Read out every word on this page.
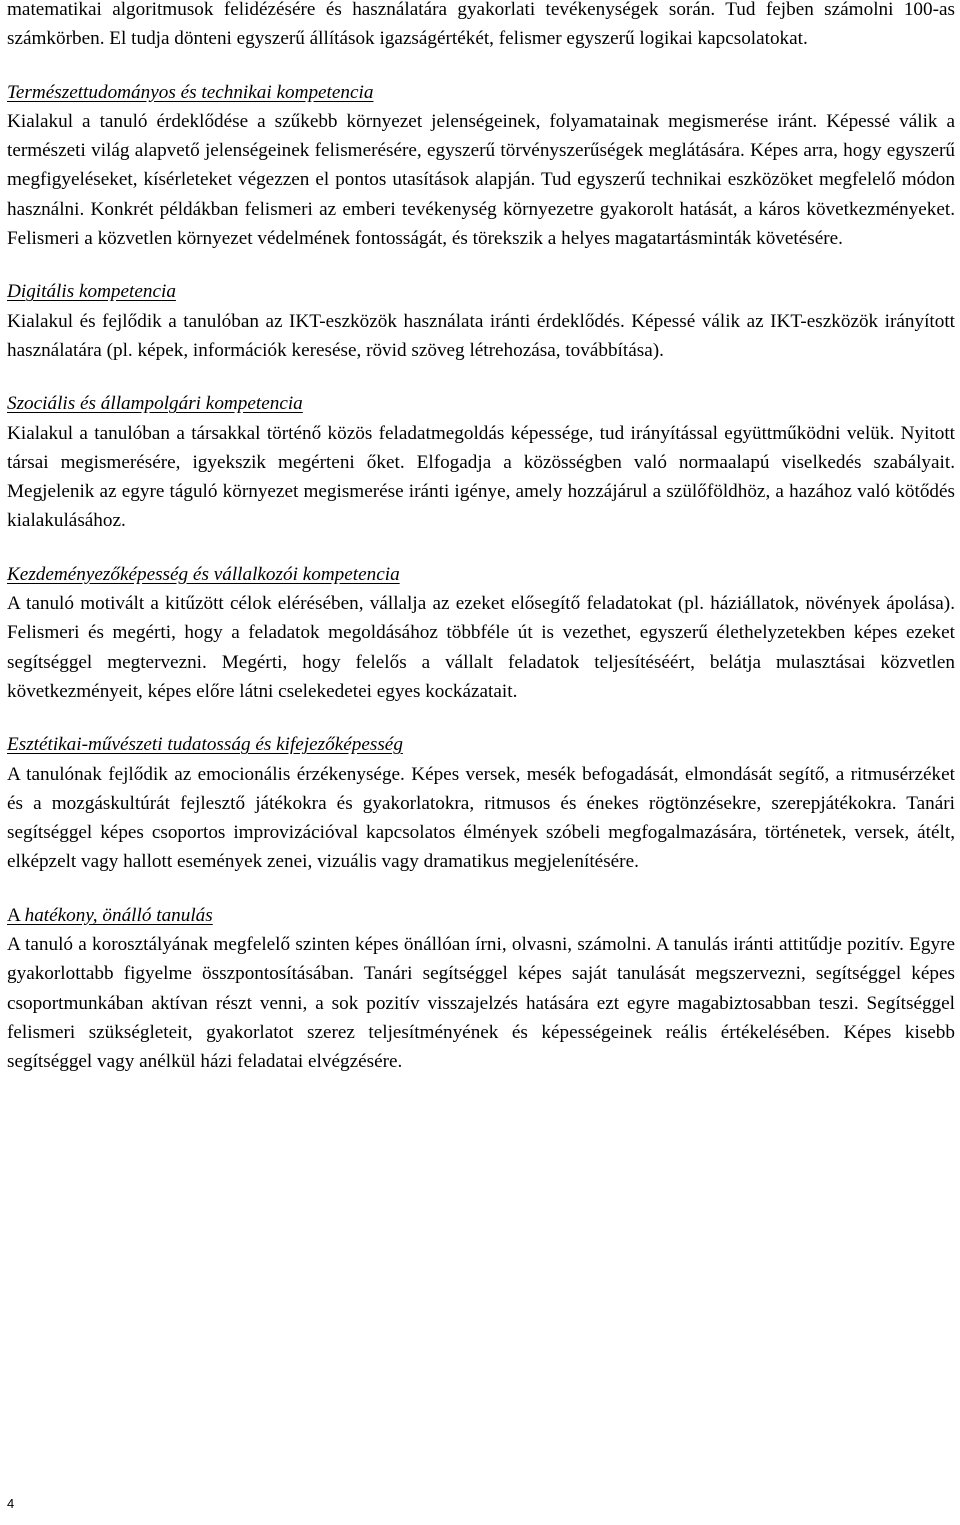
matematikai algoritmusok felidézésére és használatára gyakorlati tevékenységek során. Tud fejben számolni 100-as számkörben. El tudja dönteni egyszerű állítások igazságértékét, felismer egyszerű logikai kapcsolatokat.

Természettudományos és technikai kompetencia

Kialakul a tanuló érdeklődése a szűkebb környezet jelenségeinek, folyamatainak megismerése iránt. Képessé válik a természeti világ alapvető jelenségeinek felismerésére, egyszerű törvényszerűségek meglátására. Képes arra, hogy egyszerű megfigyeléseket, kísérleteket végezzen el pontos utasítások alapján. Tud egyszerű technikai eszközöket megfelelő módon használni. Konkrét példákban felismeri az emberi tevékenység környezetre gyakorolt hatását, a káros következményeket. Felismeri a közvetlen környezet védelmének fontosságát, és törekszik a helyes magatartásminták követésére.

Digitális kompetencia

Kialakul és fejlődik a tanulóban az IKT-eszközök használata iránti érdeklődés. Képessé válik az IKT-eszközök irányított használatára (pl. képek, információk keresése, rövid szöveg létrehozása, továbbítása).

Szociális és állampolgári kompetencia

Kialakul a tanulóban a társakkal történő közös feladatmegoldás képessége, tud irányítással együttműködni velük. Nyitott társai megismerésére, igyekszik megérteni őket. Elfogadja a közösségben való normaalapú viselkedés szabályait. Megjelenik az egyre táguló környezet megismerése iránti igénye, amely hozzájárul a szülőföldhöz, a hazához való kötődés kialakulásához.

Kezdeményezőképesség és vállalkozói kompetencia

A tanuló motivált a kitűzött célok elérésében, vállalja az ezeket elősegítő feladatokat (pl. háziállatok, növények ápolása). Felismeri és megérti, hogy a feladatok megoldásához többféle út is vezethet, egyszerű élethelyzetekben képes ezeket segítséggel megtervezni. Megérti, hogy felelős a vállalt feladatok teljesítéséért, belátja mulasztásai közvetlen következményeit, képes előre látni cselekedetei egyes kockázatait.

Esztétikai-művészeti tudatosság és kifejezőképesség

A tanulónak fejlődik az emocionális érzékenysége. Képes versek, mesék befogadását, elmondását segítő, a ritmusérzéket és a mozgáskultúrát fejlesztő játékokra és gyakorlatokra, ritmusos és énekes rögtönzésekre, szerepjátékokra. Tanári segítséggel képes csoportos improvizációval kapcsolatos élmények szóbeli megfogalmazására, történetek, versek, átélt, elképzelt vagy hallott események zenei, vizuális vagy dramatikus megjelenítésére.

A hatékony, önálló tanulás

A tanuló a korosztályának megfelelő szinten képes önállóan írni, olvasni, számolni. A tanulás iránti attitűdje pozitív. Egyre gyakorlottabb figyelme összpontosításában. Tanári segítséggel képes saját tanulását megszervezni, segítséggel képes csoportmunkában aktívan részt venni, a sok pozitív visszajelzés hatására ezt egyre magabiztosabban teszi. Segítséggel felismeri szükségleteit, gyakorlatot szerez teljesítményének és képességeinek reális értékelésében. Képes kisebb segítséggel vagy anélkül házi feladatai elvégzésére.

4
